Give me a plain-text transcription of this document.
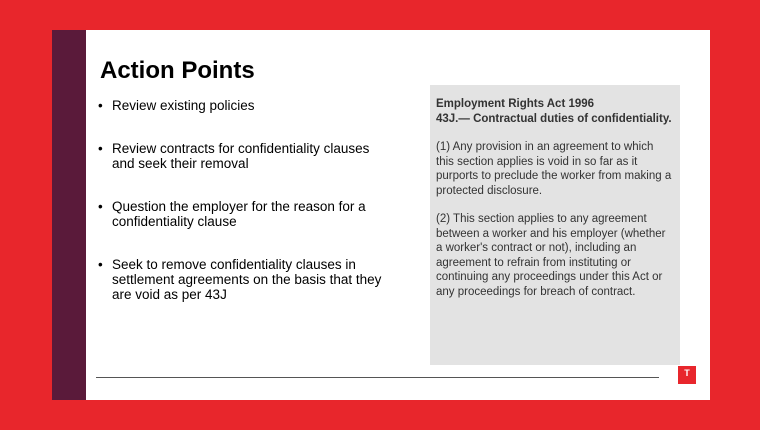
Action Points
• Review existing policies
• Review contracts for confidentiality clauses and seek their removal
• Question the employer for the reason for a confidentiality clause
• Seek to remove confidentiality clauses in settlement agreements on the basis that they are void as per 43J

Employment Rights Act 1996

43J.— Contractual duties of confidentiality.

(1) Any provision in an agreement to which this section applies is void in so far as it purports to preclude the worker from making a protected disclosure.

(2) This section applies to any agreement between a worker and his employer (whether a worker's contract or not), including an agreement to refrain from instituting or continuing any proceedings under this Act or any proceedings for breach of contract.

T
